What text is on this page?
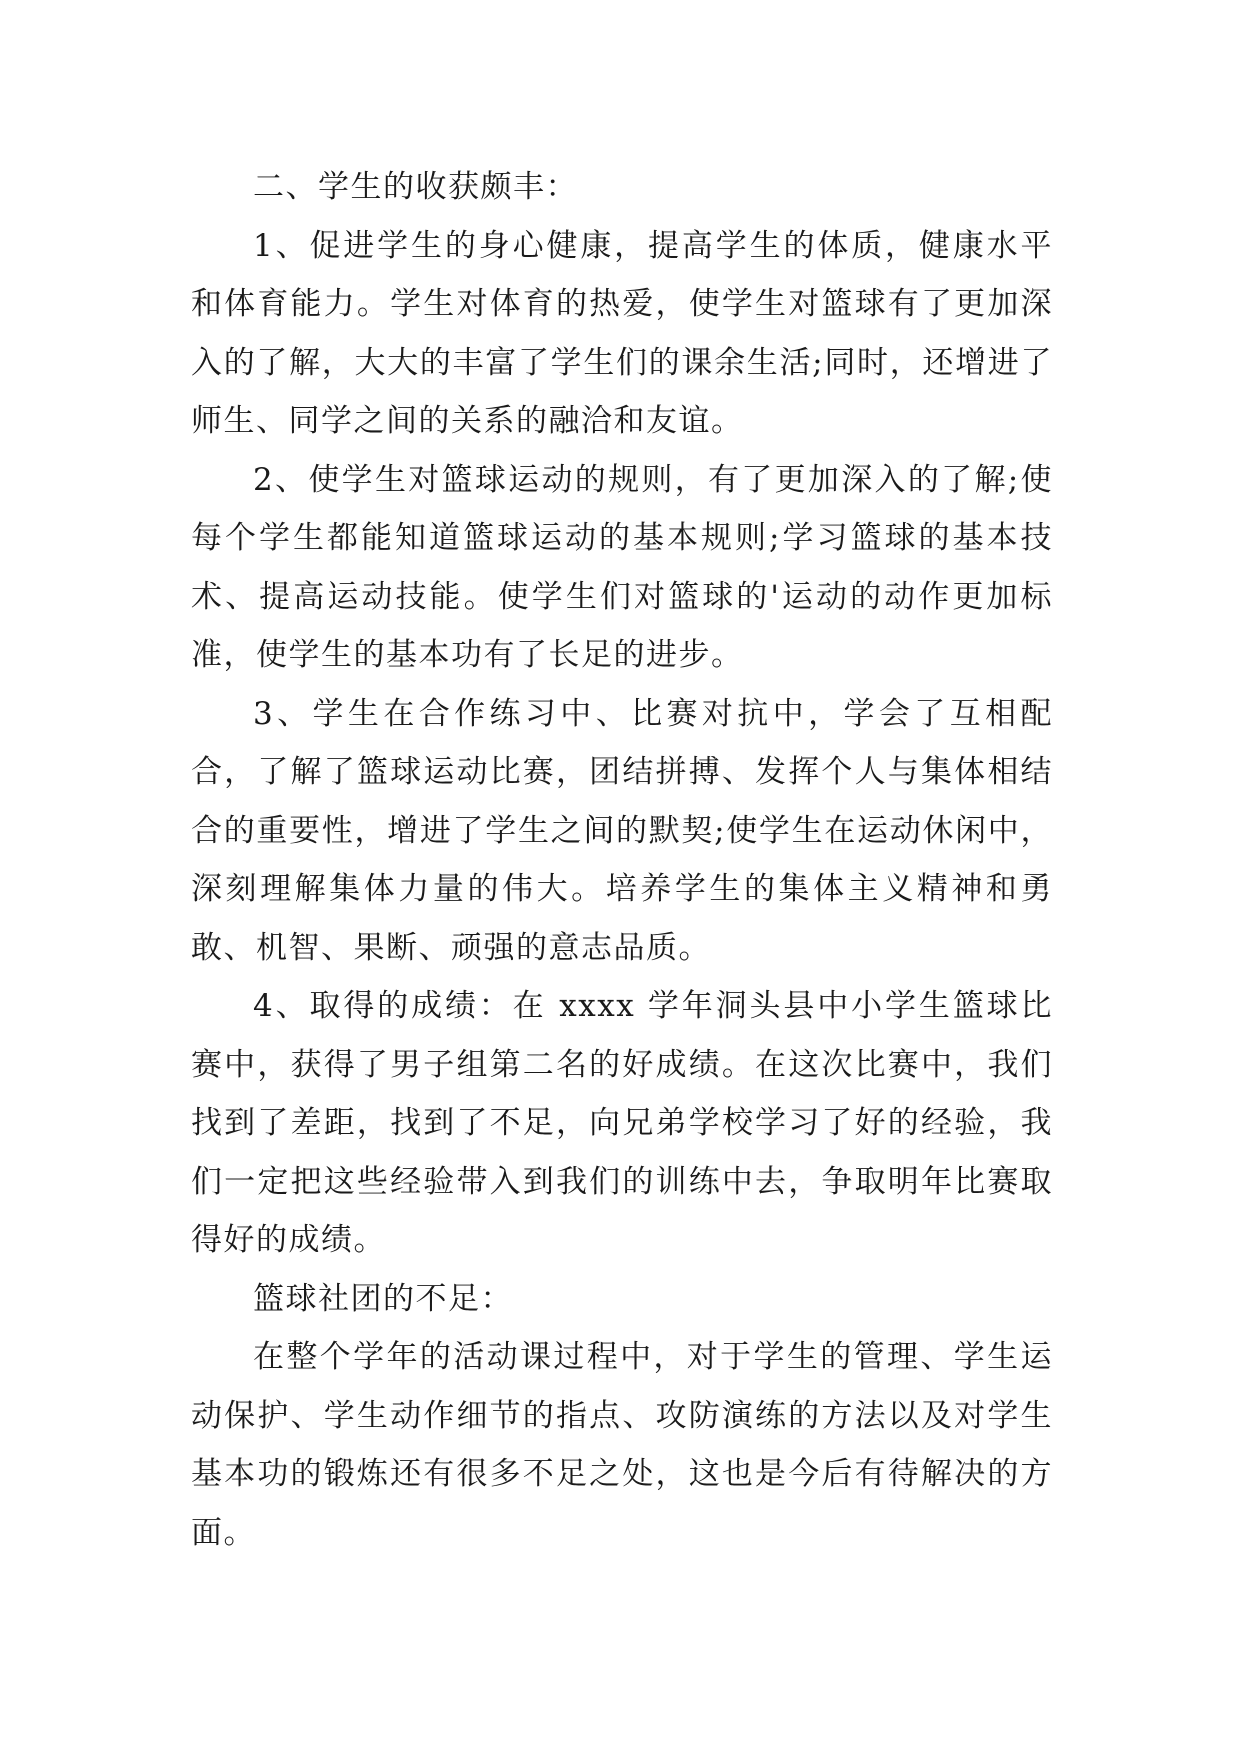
二、学生的收获颇丰：

1、促进学生的身心健康，提高学生的体质，健康水平和体育能力。学生对体育的热爱，使学生对篮球有了更加深入的了解，大大的丰富了学生们的课余生活;同时，还增进了师生、同学之间的关系的融洽和友谊。

2、使学生对篮球运动的规则，有了更加深入的了解;使每个学生都能知道篮球运动的基本规则;学习篮球的基本技术、提高运动技能。使学生们对篮球的'运动的动作更加标准，使学生的基本功有了长足的进步。

3、学生在合作练习中、比赛对抗中，学会了互相配合，了解了篮球运动比赛，团结拼搏、发挥个人与集体相结合的重要性，增进了学生之间的默契;使学生在运动休闲中，深刻理解集体力量的伟大。培养学生的集体主义精神和勇敢、机智、果断、顽强的意志品质。

4、取得的成绩：在 xxxx 学年洞头县中小学生篮球比赛中，获得了男子组第二名的好成绩。在这次比赛中，我们找到了差距，找到了不足，向兄弟学校学习了好的经验，我们一定把这些经验带入到我们的训练中去，争取明年比赛取得好的成绩。

篮球社团的不足：

在整个学年的活动课过程中，对于学生的管理、学生运动保护、学生动作细节的指点、攻防演练的方法以及对学生基本功的锻炼还有很多不足之处，这也是今后有待解决的方面。
